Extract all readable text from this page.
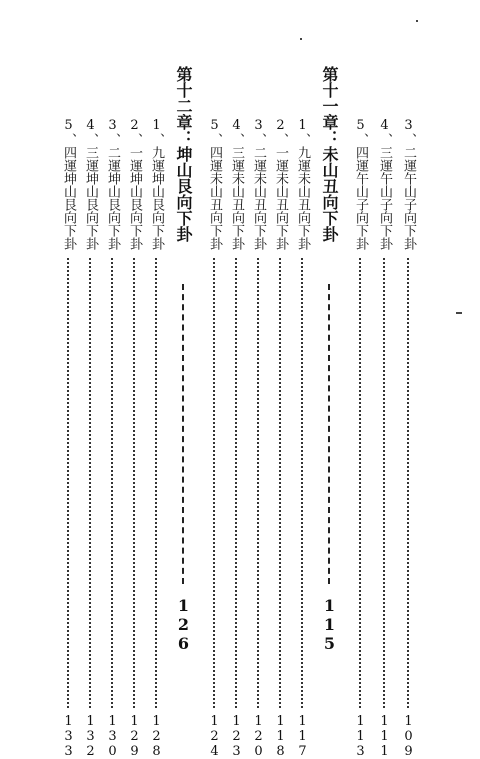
3、二運午山子向下卦
109
4、三運午山子向下卦
111
5、四運午山子向下卦
113
第十一章：未山丑向下卦
115
1、九運未山丑向下卦
117
2、一運未山丑向下卦
118
3、二運未山丑向下卦
120
4、三運未山丑向下卦
123
5、四運未山丑向下卦
124
第十二章：坤山艮向下卦
126
1、九運坤山艮向下卦
128
2、一運坤山艮向下卦
129
3、二運坤山艮向下卦
130
4、三運坤山艮向下卦
132
5、四運坤山艮向下卦
133
